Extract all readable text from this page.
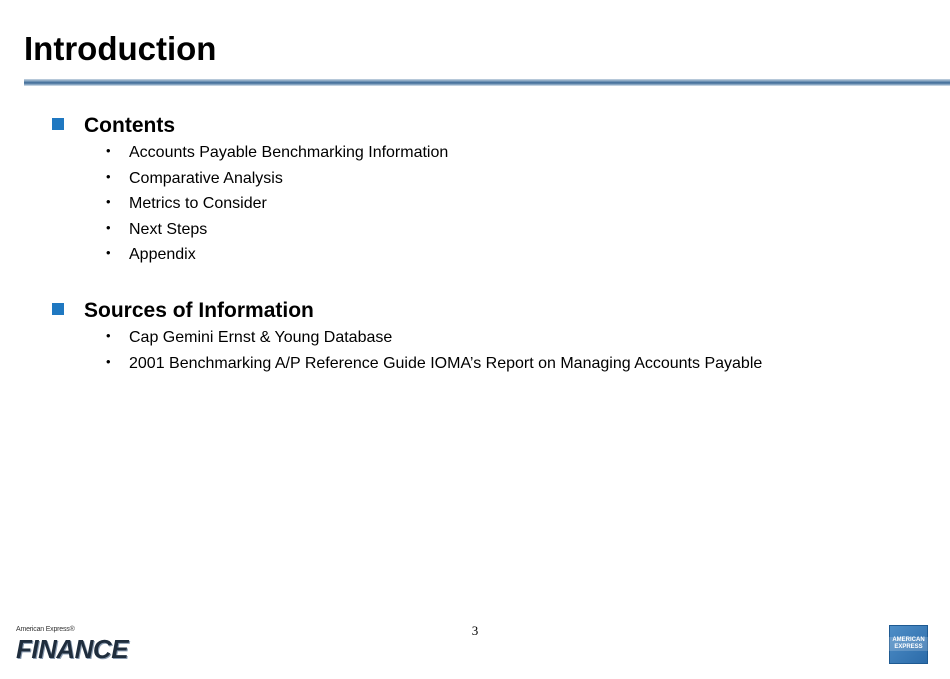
Introduction
Contents
•	Accounts Payable Benchmarking Information
•	Comparative Analysis
•	Metrics to Consider
•	Next Steps
•	Appendix
Sources of Information
•	Cap Gemini Ernst & Young Database
•	2001 Benchmarking A/P Reference Guide IOMA’s Report on Managing Accounts Payable
3
American Express®
FINANCE	AMERICAN
EXPRESS
